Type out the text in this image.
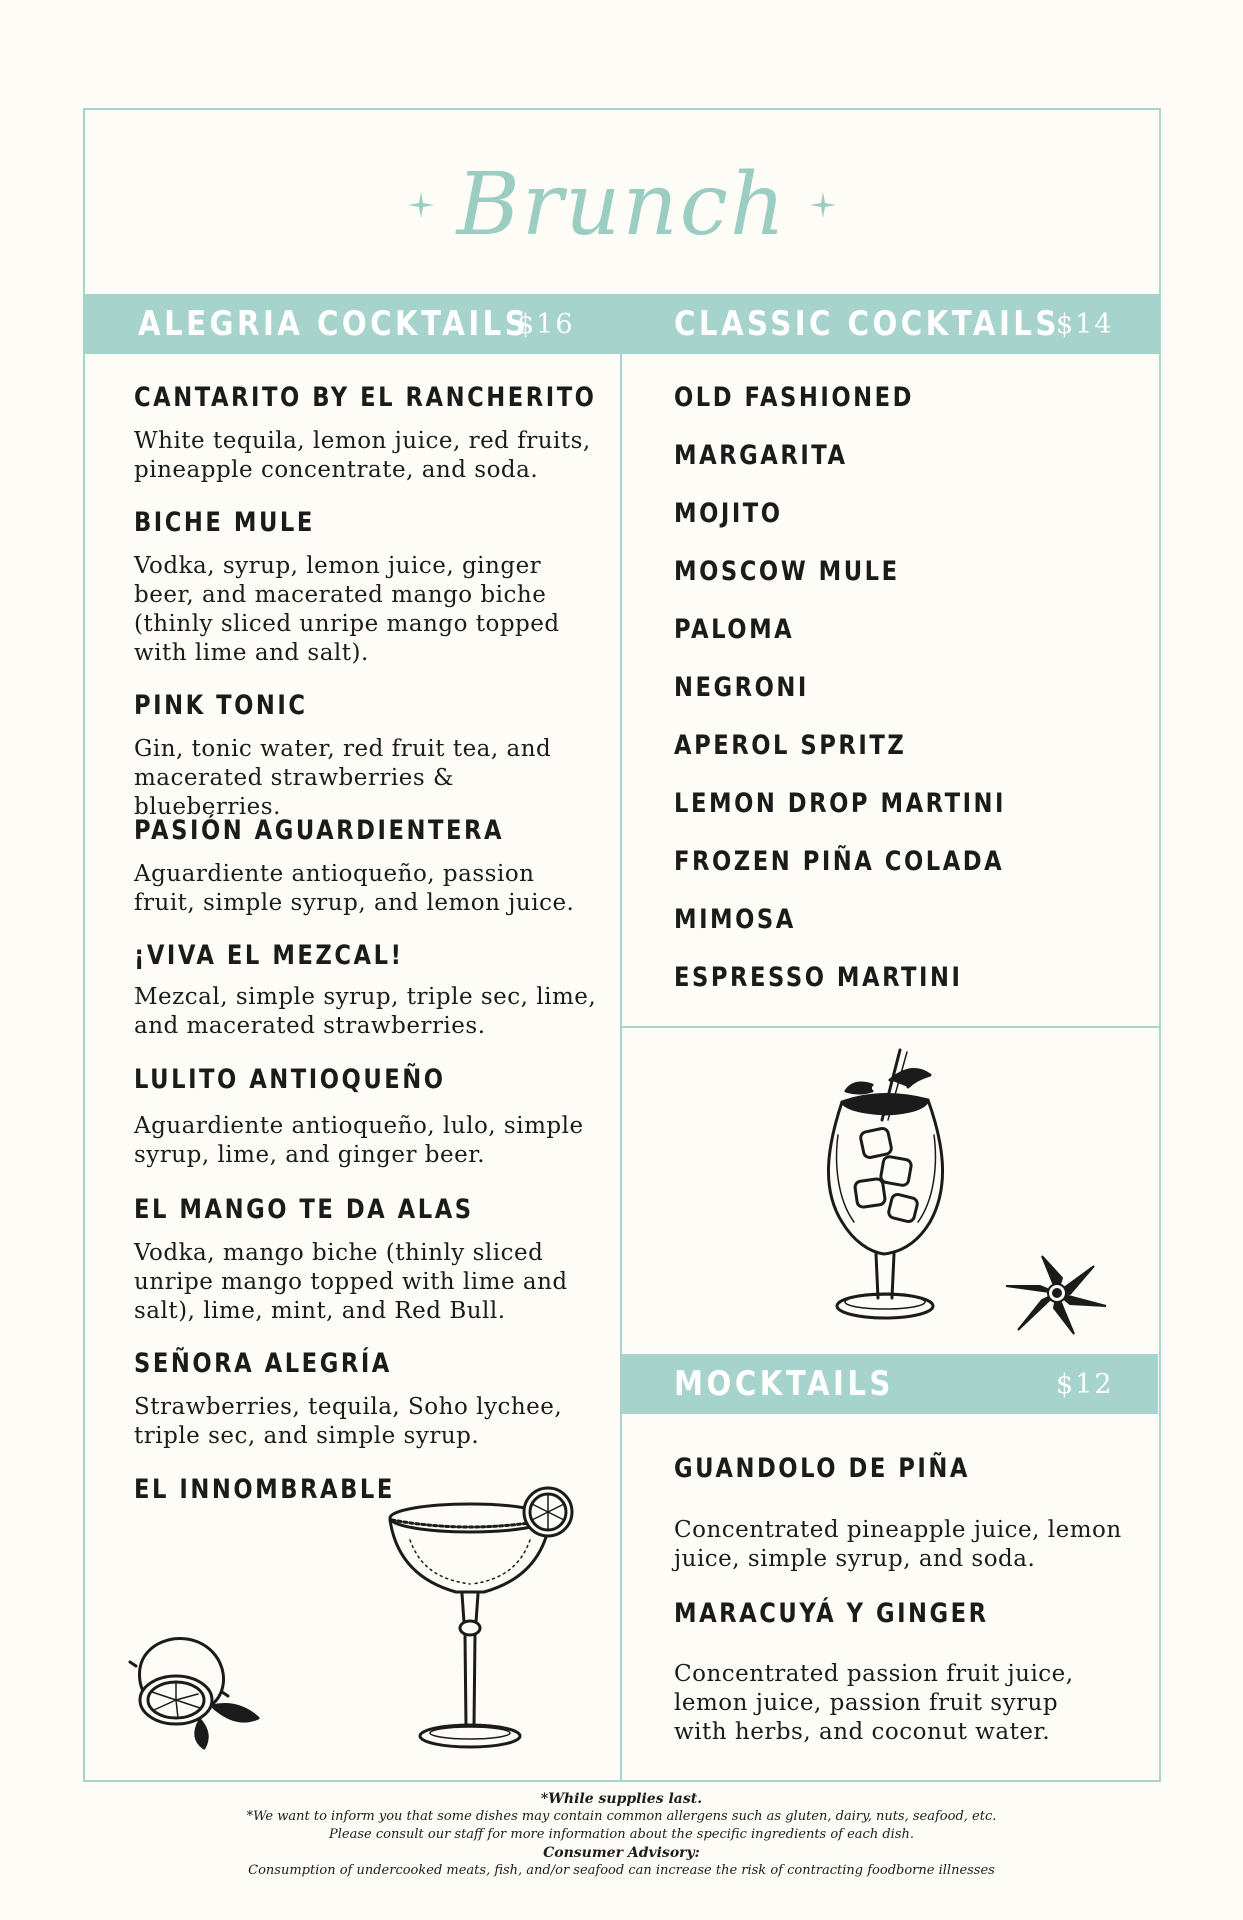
Brunch
ALEGRIA COCKTAILS
$16	CLASSIC COCKTAILS
$14
MOCKTAILS	$12
CANTARITO BY EL RANCHERITO
White tequila, lemon juice, red fruits, pineapple concentrate, and soda.
BICHE MULE
Vodka, syrup, lemon juice, ginger beer, and macerated mango biche (thinly sliced unripe mango topped with lime and salt).
PINK TONIC
Gin, tonic water, red fruit tea, and macerated strawberries & blueberries.
PASIÓN AGUARDIENTERA
Aguardiente antioqueño, passion fruit, simple syrup, and lemon juice.
¡VIVA EL MEZCAL!
Mezcal, simple syrup, triple sec, lime, and macerated strawberries.
LULITO ANTIOQUEÑO
Aguardiente antioqueño, lulo, simple syrup, lime, and ginger beer.
EL MANGO TE DA ALAS
Vodka, mango biche (thinly sliced unripe mango topped with lime and salt), lime, mint, and Red Bull.
SEÑORA ALEGRÍA
Strawberries, tequila, Soho lychee, triple sec, and simple syrup.
EL INNOMBRABLE
OLD FASHIONED
MARGARITA
MOJITO
MOSCOW MULE
PALOMA
NEGRONI
APEROL SPRITZ
LEMON DROP MARTINI
FROZEN PIÑA COLADA
MIMOSA
ESPRESSO MARTINI
GUANDOLO DE PIÑA
Concentrated pineapple juice, lemon juice, simple syrup, and soda.
MARACUYÁ Y GINGER
Concentrated passion fruit juice, lemon juice, passion fruit syrup with herbs, and coconut water.
*While supplies last.
*We want to inform you that some dishes may contain common allergens such as gluten, dairy, nuts, seafood, etc.
Please consult our staff for more information about the specific ingredients of each dish.
Consumer Advisory:
Consumption of undercooked meats, fish, and/or seafood can increase the risk of contracting foodborne illnesses
